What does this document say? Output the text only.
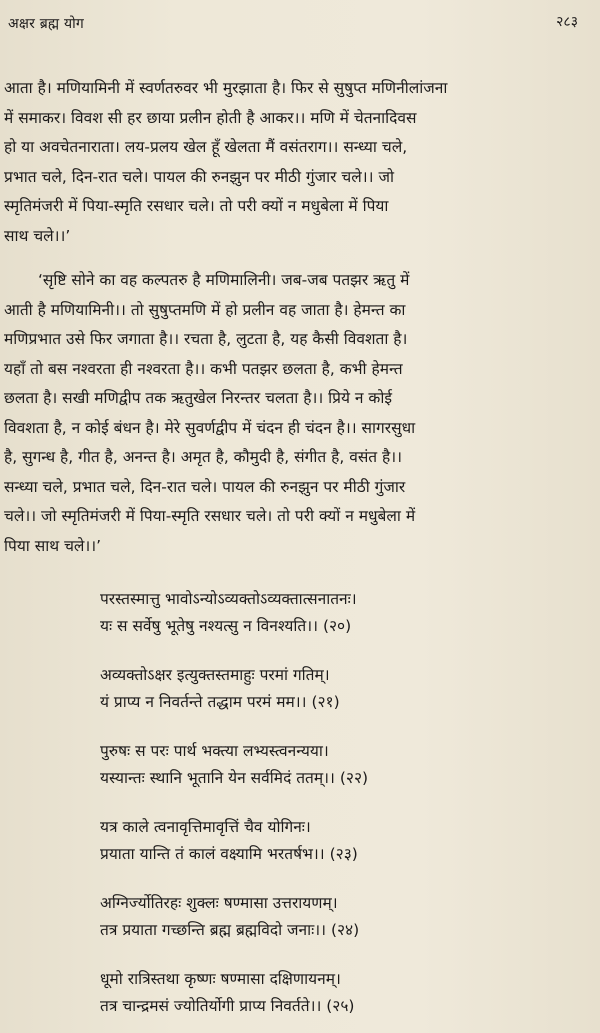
अक्षर ब्रह्म योग	२८३
आता है। मणियामिनी में स्वर्णतरुवर भी मुरझाता है। फिर से सुषुप्त मणिनीलांजना
में समाकर। विवश सी हर छाया प्रलीन होती है आकर।। मणि में चेतनादिवस
हो या अवचेतनाराता। लय-प्रलय खेल हूँ खेलता मैं वसंतराग।। सन्ध्या चले,
प्रभात चले, दिन-रात चले। पायल की रुनझुन पर मीठी गुंजार चले।। जो
स्मृतिमंजरी में पिया-स्मृति रसधार चले। तो परी क्यों न मधुबेला में पिया
साथ चले।।’
‘सृष्टि सोने का वह कल्पतरु है मणिमालिनी। जब-जब पतझर ऋतु में
आती है मणियामिनी।। तो सुषुप्तमणि में हो प्रलीन वह जाता है। हेमन्त का
मणिप्रभात उसे फिर जगाता है।। रचता है, लुटता है, यह कैसी विवशता है।
यहाँ तो बस नश्वरता ही नश्वरता है।। कभी पतझर छलता है, कभी हेमन्त
छलता है। सखी मणिद्वीप तक ऋतुखेल निरन्तर चलता है।। प्रिये न कोई
विवशता है, न कोई बंधन है। मेरे सुवर्णद्वीप में चंदन ही चंदन है।। सागरसुधा
है, सुगन्ध है, गीत है, अनन्त है। अमृत है, कौमुदी है, संगीत है, वसंत है।।
सन्ध्या चले, प्रभात चले, दिन-रात चले। पायल की रुनझुन पर मीठी गुंजार
चले।। जो स्मृतिमंजरी में पिया-स्मृति रसधार चले। तो परी क्यों न मधुबेला में
पिया साथ चले।।’
परस्तस्मात्तु भावोऽन्योऽव्यक्तोऽव्यक्तात्सनातनः।
यः स सर्वेषु भूतेषु नश्यत्सु न विनश्यति।। (२०)
अव्यक्तोऽक्षर इत्युक्तस्तमाहुः परमां गतिम्।
यं प्राप्य न निवर्तन्ते तद्धाम परमं मम।। (२१)
पुरुषः स परः पार्थ भक्त्या लभ्यस्त्वनन्यया।
यस्यान्तः स्थानि भूतानि येन सर्वमिदं ततम्।। (२२)
यत्र काले त्वनावृत्तिमावृत्तिं चैव योगिनः।
प्रयाता यान्ति तं कालं वक्ष्यामि भरतर्षभ।। (२३)
अग्निर्ज्योतिरहः शुक्लः षण्मासा उत्तरायणम्।
तत्र प्रयाता गच्छन्ति ब्रह्म ब्रह्मविदो जनाः।। (२४)
धूमो रात्रिस्तथा कृष्णः षण्मासा दक्षिणायनम्।
तत्र चान्द्रमसं ज्योतिर्योगी प्राप्य निवर्तते।। (२५)
